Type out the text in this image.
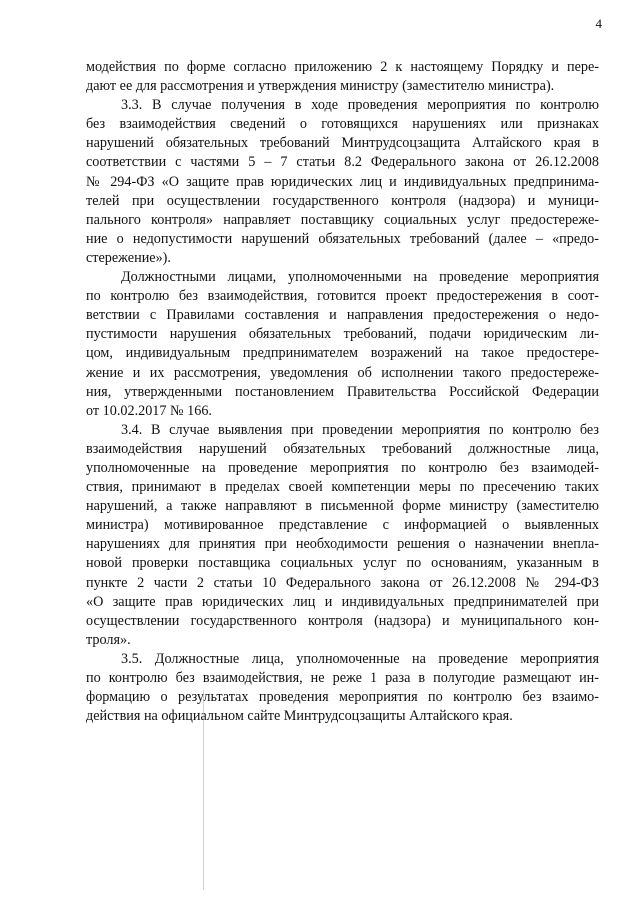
4

модействия по форме согласно приложению 2 к настоящему Порядку и пере-
дают ее для рассмотрения и утверждения министру (заместителю министра).

3.3. В случае получения в ходе проведения мероприятия по контролю
без взаимодействия сведений о готовящихся нарушениях или признаках
нарушений обязательных требований Минтрудсоцзащита Алтайского края в
соответствии с частями 5 – 7 статьи 8.2 Федерального закона от 26.12.2008
№ 294-ФЗ «О защите прав юридических лиц и индивидуальных предпринима-
телей при осуществлении государственного контроля (надзора) и муници-
пального контроля» направляет поставщику социальных услуг предостереже-
ние о недопустимости нарушений обязательных требований (далее – «предо-
стережение»).

Должностными лицами, уполномоченными на проведение мероприятия
по контролю без взаимодействия, готовится проект предостережения в соот-
ветствии с Правилами составления и направления предостережения о недо-
пустимости нарушения обязательных требований, подачи юридическим ли-
цом, индивидуальным предпринимателем возражений на такое предостере-
жение и их рассмотрения, уведомления об исполнении такого предостереже-
ния, утвержденными постановлением Правительства Российской Федерации
от 10.02.2017 № 166.

3.4. В случае выявления при проведении мероприятия по контролю без
взаимодействия нарушений обязательных требований должностные лица,
уполномоченные на проведение мероприятия по контролю без взаимодей-
ствия, принимают в пределах своей компетенции меры по пресечению таких
нарушений, а также направляют в письменной форме министру (заместителю
министра) мотивированное представление с информацией о выявленных
нарушениях для принятия при необходимости решения о назначении внепла-
новой проверки поставщика социальных услуг по основаниям, указанным в
пункте 2 части 2 статьи 10 Федерального закона от 26.12.2008 № 294-ФЗ
«О защите прав юридических лиц и индивидуальных предпринимателей при
осуществлении государственного контроля (надзора) и муниципального кон-
троля».

3.5. Должностные лица, уполномоченные на проведение мероприятия
по контролю без взаимодействия, не реже 1 раза в полугодие размещают ин-
формацию о результатах проведения мероприятия по контролю без взаимо-
действия на официальном сайте Минтрудсоцзащиты Алтайского края.
